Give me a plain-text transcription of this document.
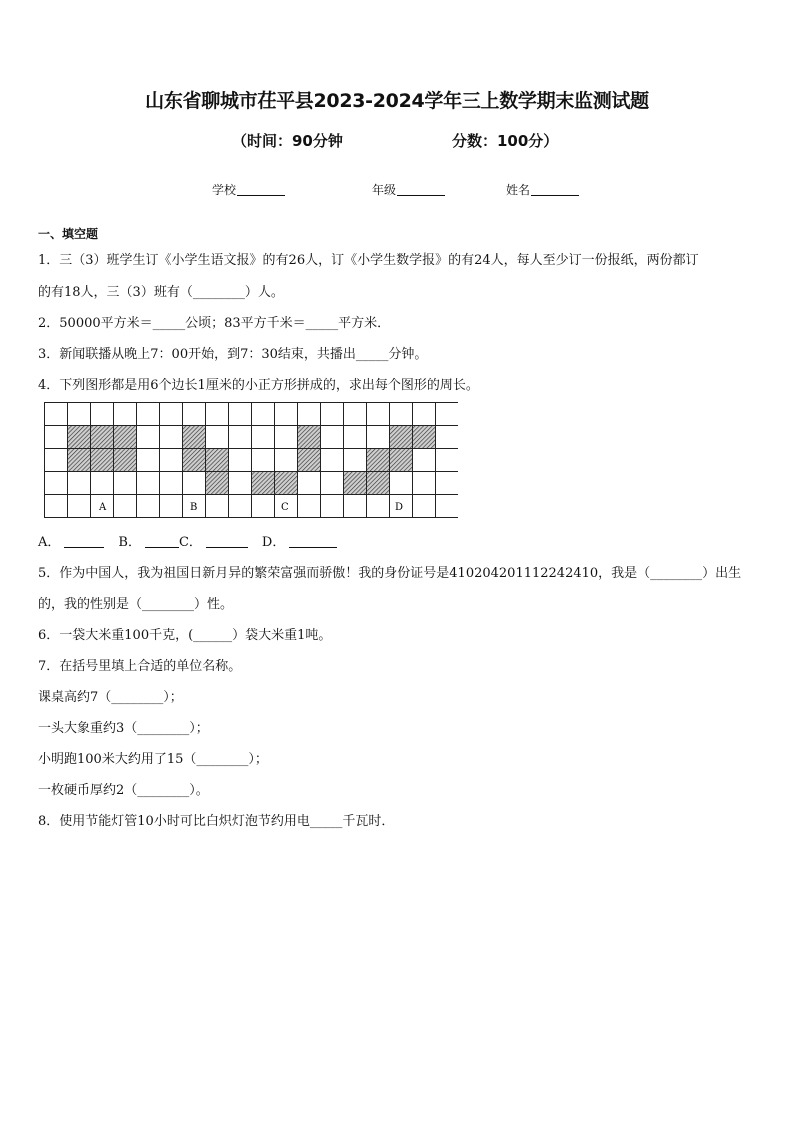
山东省聊城市茌平县2023-2024学年三上数学期末监测试题
（时间：90分钟	分数：100分）
学校	年级	姓名
一、填空题
1．三（3）班学生订《小学生语文报》的有26人，订《小学生数学报》的有24人，每人至少订一份报纸，两份都订
的有18人，三（3）班有（________）人。
2．50000平方米＝_____公顷；83平方千米＝_____平方米．
3．新闻联播从晚上7：00开始，到7：30结束，共播出_____分钟。
4．下列图形都是用6个边长1厘米的小正方形拼成的，求出每个图形的周长。
A	B	C	D
A．	B．	C．	D．
5．作为中国人，我为祖国日新月异的繁荣富强而骄傲！我的身份证号是410204201112242410，我是（________）出生
的，我的性别是（________）性。
6．一袋大米重100千克，(______）袋大米重1吨。
7．在括号里填上合适的单位名称。
课桌高约7（________）；
一头大象重约3（________）；
小明跑100米大约用了15（________）；
一枚硬币厚约2（________）。
8．使用节能灯管10小时可比白炽灯泡节约用电_____千瓦时．
